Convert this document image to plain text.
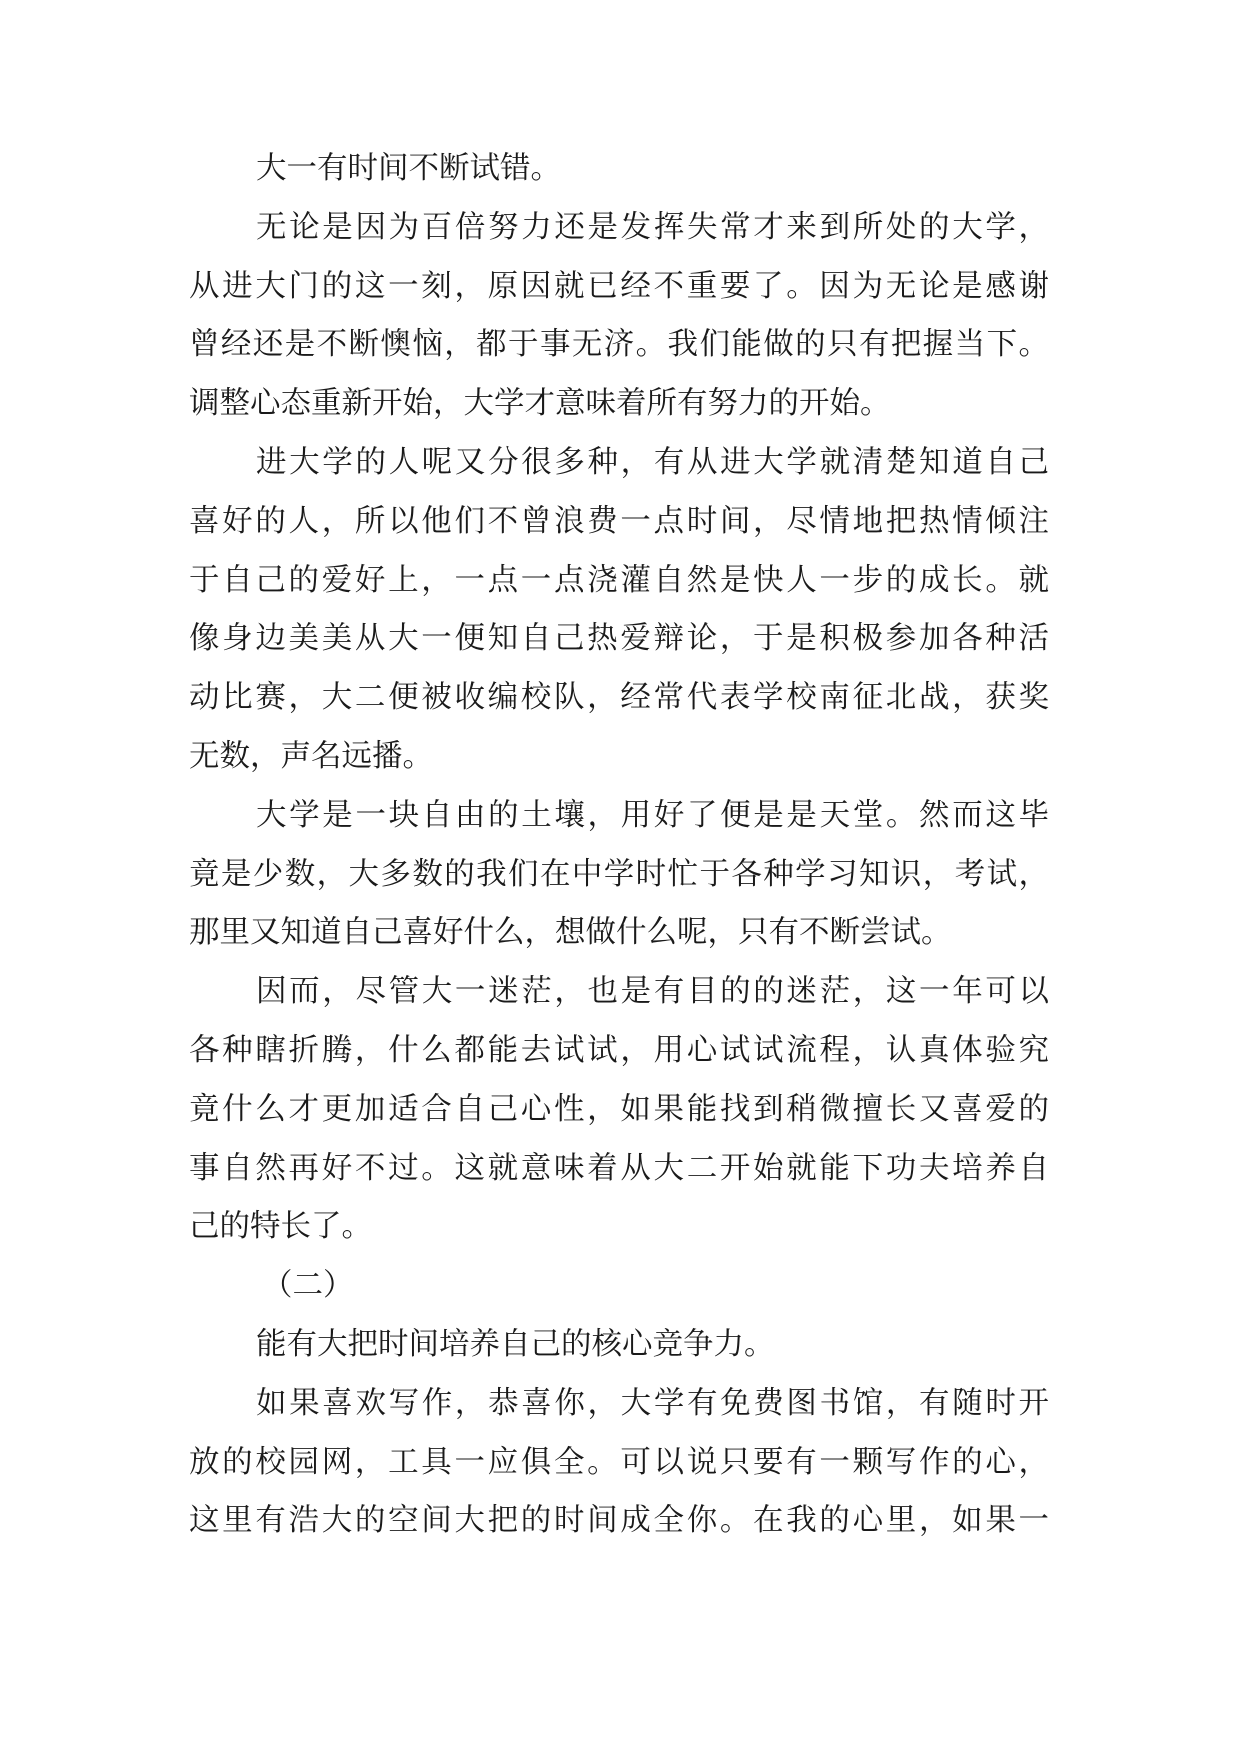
大一有时间不断试错。
无论是因为百倍努力还是发挥失常才来到所处的大学，
从进大门的这一刻，原因就已经不重要了。因为无论是感谢
曾经还是不断懊恼，都于事无济。我们能做的只有把握当下。
调整心态重新开始，大学才意味着所有努力的开始。
进大学的人呢又分很多种，有从进大学就清楚知道自己
喜好的人，所以他们不曾浪费一点时间，尽情地把热情倾注
于自己的爱好上，一点一点浇灌自然是快人一步的成长。就
像身边美美从大一便知自己热爱辩论，于是积极参加各种活
动比赛，大二便被收编校队，经常代表学校南征北战，获奖
无数，声名远播。
大学是一块自由的土壤，用好了便是是天堂。然而这毕
竟是少数，大多数的我们在中学时忙于各种学习知识，考试，
那里又知道自己喜好什么，想做什么呢，只有不断尝试。
因而，尽管大一迷茫，也是有目的的迷茫，这一年可以
各种瞎折腾，什么都能去试试，用心试试流程，认真体验究
竟什么才更加适合自己心性，如果能找到稍微擅长又喜爱的
事自然再好不过。这就意味着从大二开始就能下功夫培养自
己的特长了。
（二）
能有大把时间培养自己的核心竞争力。
如果喜欢写作，恭喜你，大学有免费图书馆，有随时开
放的校园网，工具一应俱全。可以说只要有一颗写作的心，
这里有浩大的空间大把的时间成全你。在我的心里，如果一
